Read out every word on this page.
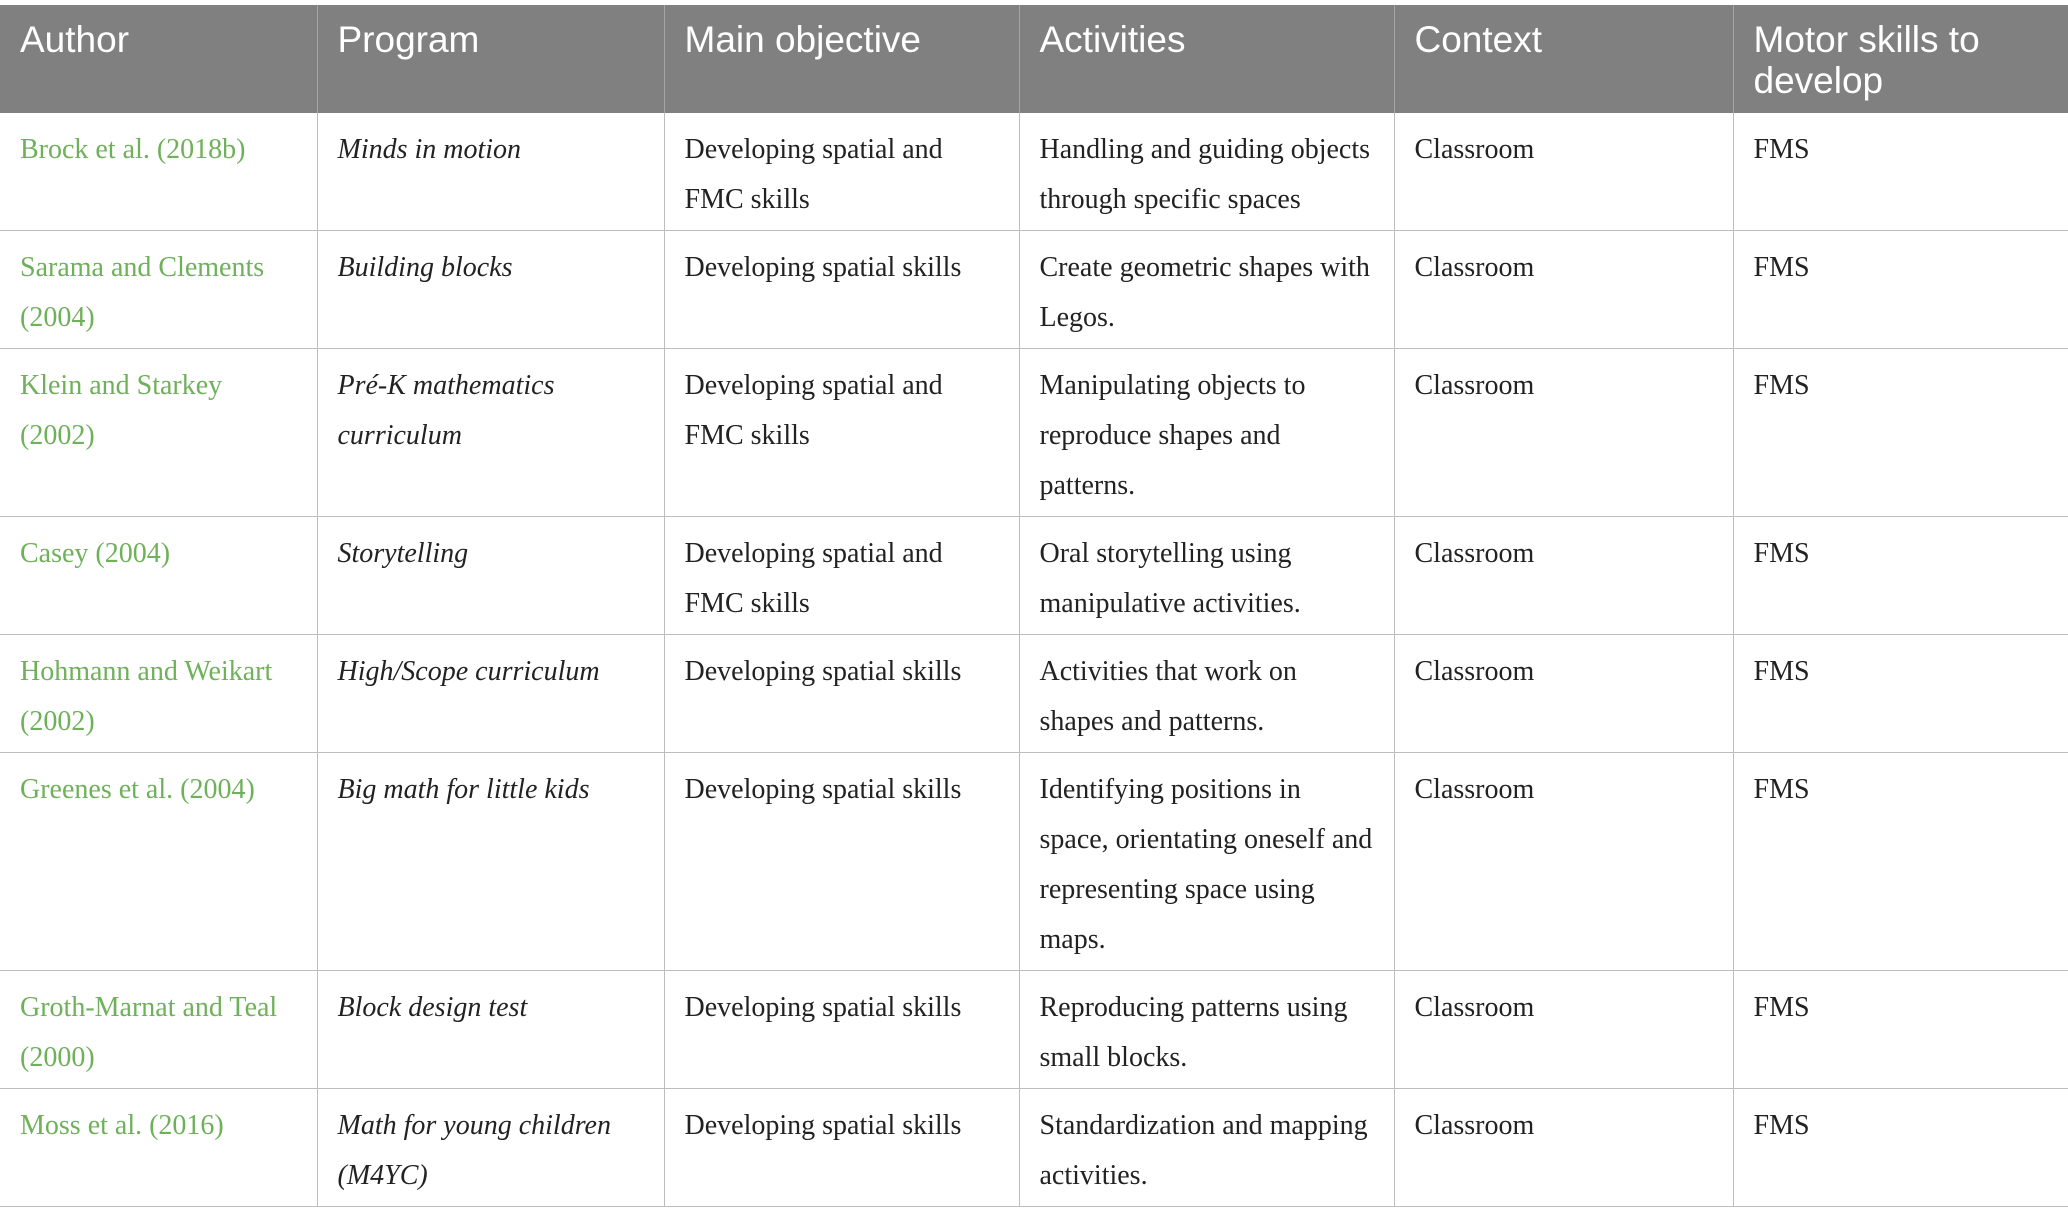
Author	Program	Main objective	Activities	Context	Motor skills to develop
Brock et al. (2018b)	Minds in motion	Developing spatial and FMC skills	Handling and guiding objects through specific spaces	Classroom	FMS
Sarama and Clements (2004)	Building blocks	Developing spatial skills	Create geometric shapes with Legos.	Classroom	FMS
Klein and Starkey (2002)	Pré-K mathematics curriculum	Developing spatial and FMC skills	Manipulating objects to reproduce shapes and patterns.	Classroom	FMS
Casey (2004)	Storytelling	Developing spatial and FMC skills	Oral storytelling using manipulative activities.	Classroom	FMS
Hohmann and Weikart (2002)	High/Scope curriculum	Developing spatial skills	Activities that work on shapes and patterns.	Classroom	FMS
Greenes et al. (2004)	Big math for little kids	Developing spatial skills	Identifying positions in space, orientating oneself and representing space using maps.	Classroom	FMS
Groth-Marnat and Teal (2000)	Block design test	Developing spatial skills	Reproducing patterns using small blocks.	Classroom	FMS
Moss et al. (2016)	Math for young children (M4YC)	Developing spatial skills	Standardization and mapping activities.	Classroom	FMS
